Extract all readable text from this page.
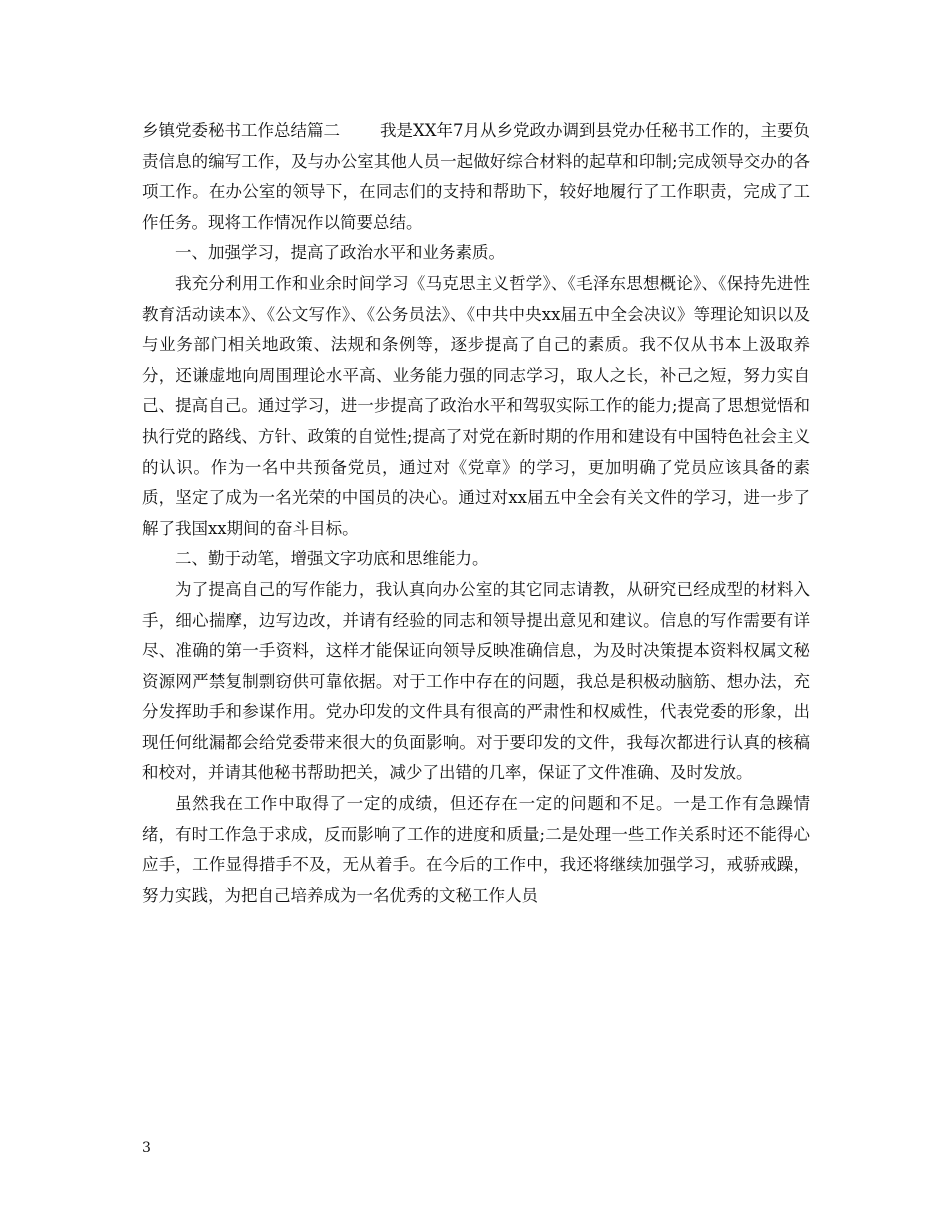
乡镇党委秘书工作总结篇二 我是XX年7月从乡党政办调到县党办任秘书工作的，主要负责信息的编写工作，及与办公室其他人员一起做好综合材料的起草和印制;完成领导交办的各项工作。在办公室的领导下，在同志们的支持和帮助下，较好地履行了工作职责，完成了工作任务。现将工作情况作以简要总结。

一、加强学习，提高了政治水平和业务素质。

我充分利用工作和业余时间学习《马克思主义哲学》、《毛泽东思想概论》、《保持先进性教育活动读本》、《公文写作》、《公务员法》、《中共中央xx届五中全会决议》等理论知识以及与业务部门相关地政策、法规和条例等，逐步提高了自己的素质。我不仅从书本上汲取养分，还谦虚地向周围理论水平高、业务能力强的同志学习，取人之长，补己之短，努力实自己、提高自己。通过学习，进一步提高了政治水平和驾驭实际工作的能力;提高了思想觉悟和执行党的路线、方针、政策的自觉性;提高了对党在新时期的作用和建设有中国特色社会主义的认识。作为一名中共预备党员，通过对《党章》的学习，更加明确了党员应该具备的素质，坚定了成为一名光荣的中国员的决心。通过对xx届五中全会有关文件的学习，进一步了解了我国xx期间的奋斗目标。

二、勤于动笔，增强文字功底和思维能力。

为了提高自己的写作能力，我认真向办公室的其它同志请教，从研究已经成型的材料入手，细心揣摩，边写边改，并请有经验的同志和领导提出意见和建议。信息的写作需要有详尽、准确的第一手资料，这样才能保证向领导反映准确信息，为及时决策提本资料权属文秘资源网严禁复制剽窃供可靠依据。对于工作中存在的问题，我总是积极动脑筋、想办法，充分发挥助手和参谋作用。党办印发的文件具有很高的严肃性和权威性，代表党委的形象，出现任何纰漏都会给党委带来很大的负面影响。对于要印发的文件，我每次都进行认真的核稿和校对，并请其他秘书帮助把关，减少了出错的几率，保证了文件准确、及时发放。

虽然我在工作中取得了一定的成绩，但还存在一定的问题和不足。一是工作有急躁情绪，有时工作急于求成，反而影响了工作的进度和质量;二是处理一些工作关系时还不能得心应手，工作显得措手不及，无从着手。在今后的工作中，我还将继续加强学习，戒骄戒躁，努力实践，为把自己培养成为一名优秀的文秘工作人员

3
